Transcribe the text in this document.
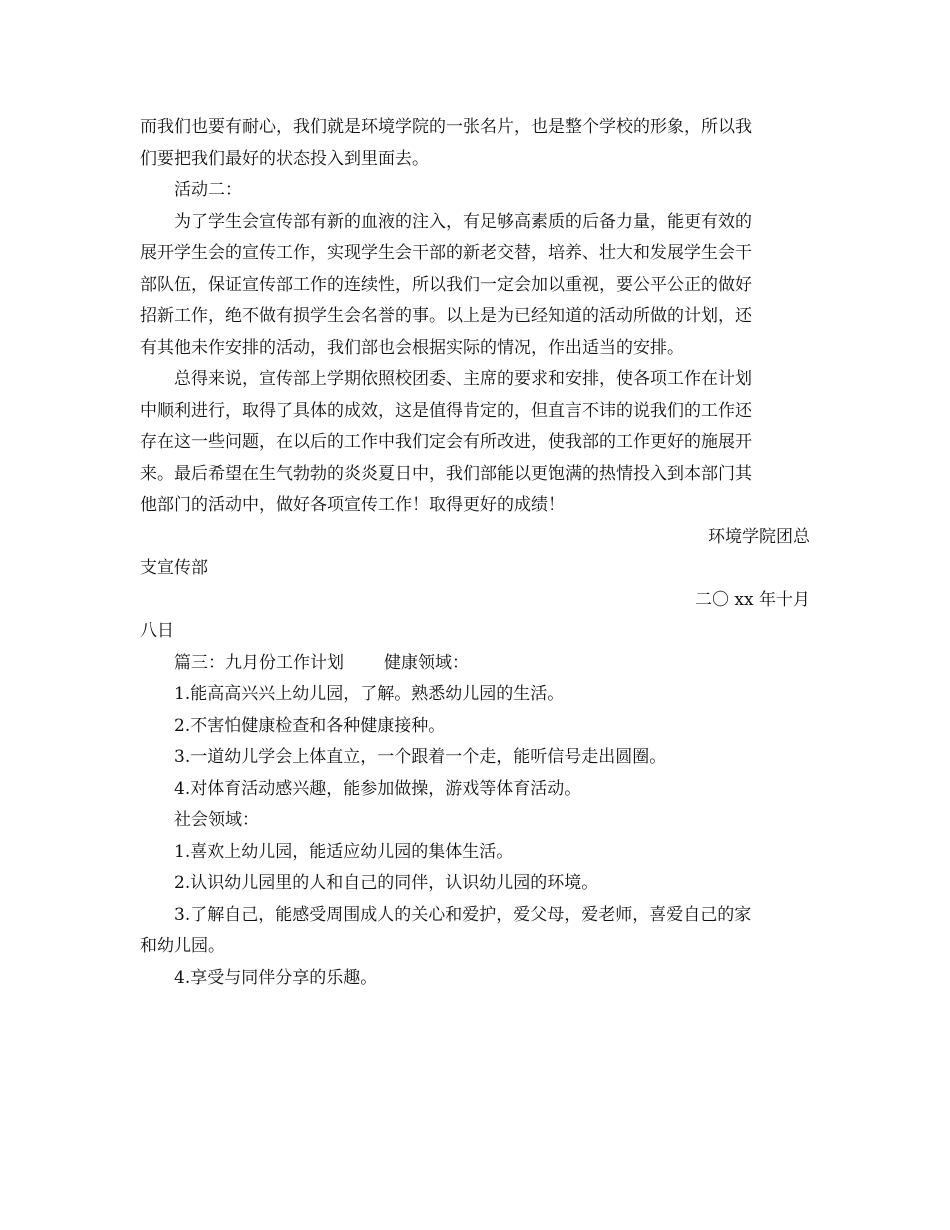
而我们也要有耐心，我们就是环境学院的一张名片，也是整个学校的形象，所以我
们要把我们最好的状态投入到里面去。
活动二：
为了学生会宣传部有新的血液的注入，有足够高素质的后备力量，能更有效的
展开学生会的宣传工作，实现学生会干部的新老交替，培养、壮大和发展学生会干
部队伍，保证宣传部工作的连续性，所以我们一定会加以重视，要公平公正的做好
招新工作，绝不做有损学生会名誉的事。以上是为已经知道的活动所做的计划，还
有其他未作安排的活动，我们部也会根据实际的情况，作出适当的安排。
总得来说，宣传部上学期依照校团委、主席的要求和安排，使各项工作在计划
中顺利进行，取得了具体的成效，这是值得肯定的，但直言不讳的说我们的工作还
存在这一些问题，在以后的工作中我们定会有所改进，使我部的工作更好的施展开
来。最后希望在生气勃勃的炎炎夏日中，我们部能以更饱满的热情投入到本部门其
他部门的活动中，做好各项宣传工作！取得更好的成绩！
环境学院团总
支宣传部
二〇 xx 年十月
八日
篇三：九月份工作计划 健康领域：
1.能高高兴兴上幼儿园，了解。熟悉幼儿园的生活。
2.不害怕健康检查和各种健康接种。
3.一道幼儿学会上体直立，一个跟着一个走，能听信号走出圆圈。
4.对体育活动感兴趣，能参加做操，游戏等体育活动。
社会领域：
1.喜欢上幼儿园，能适应幼儿园的集体生活。
2.认识幼儿园里的人和自己的同伴，认识幼儿园的环境。
3.了解自己，能感受周围成人的关心和爱护，爱父母，爱老师，喜爱自己的家
和幼儿园。
4.享受与同伴分享的乐趣。
